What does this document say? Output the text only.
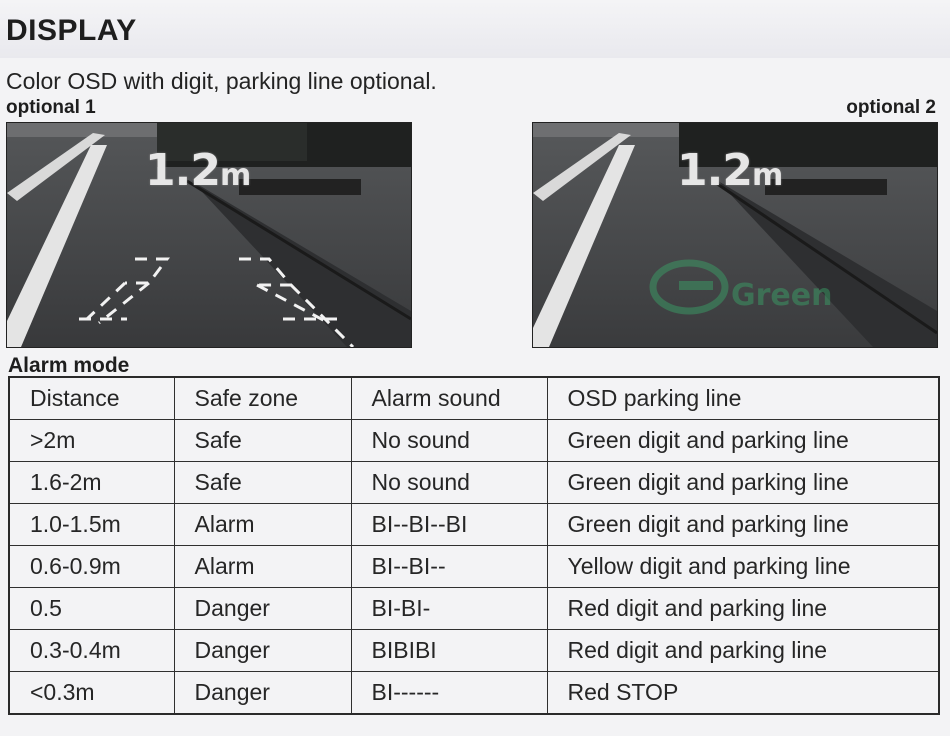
DISPLAY
Color OSD with digit, parking line optional.
optional 1	optional 2
1.2m
Green
1.2m
Alarm mode
Distance	Safe zone	Alarm sound	OSD parking line
>2m	Safe	No sound	Green digit and parking line
1.6-2m	Safe	No sound	Green digit and parking line
1.0-1.5m	Alarm	BI--BI--BI	Green digit and parking line
0.6-0.9m	Alarm	BI--BI--	Yellow digit and parking line
0.5	Danger	BI-BI-	Red digit and parking line
0.3-0.4m	Danger	BIBIBI	Red digit and parking line
<0.3m	Danger	BI------	Red STOP
